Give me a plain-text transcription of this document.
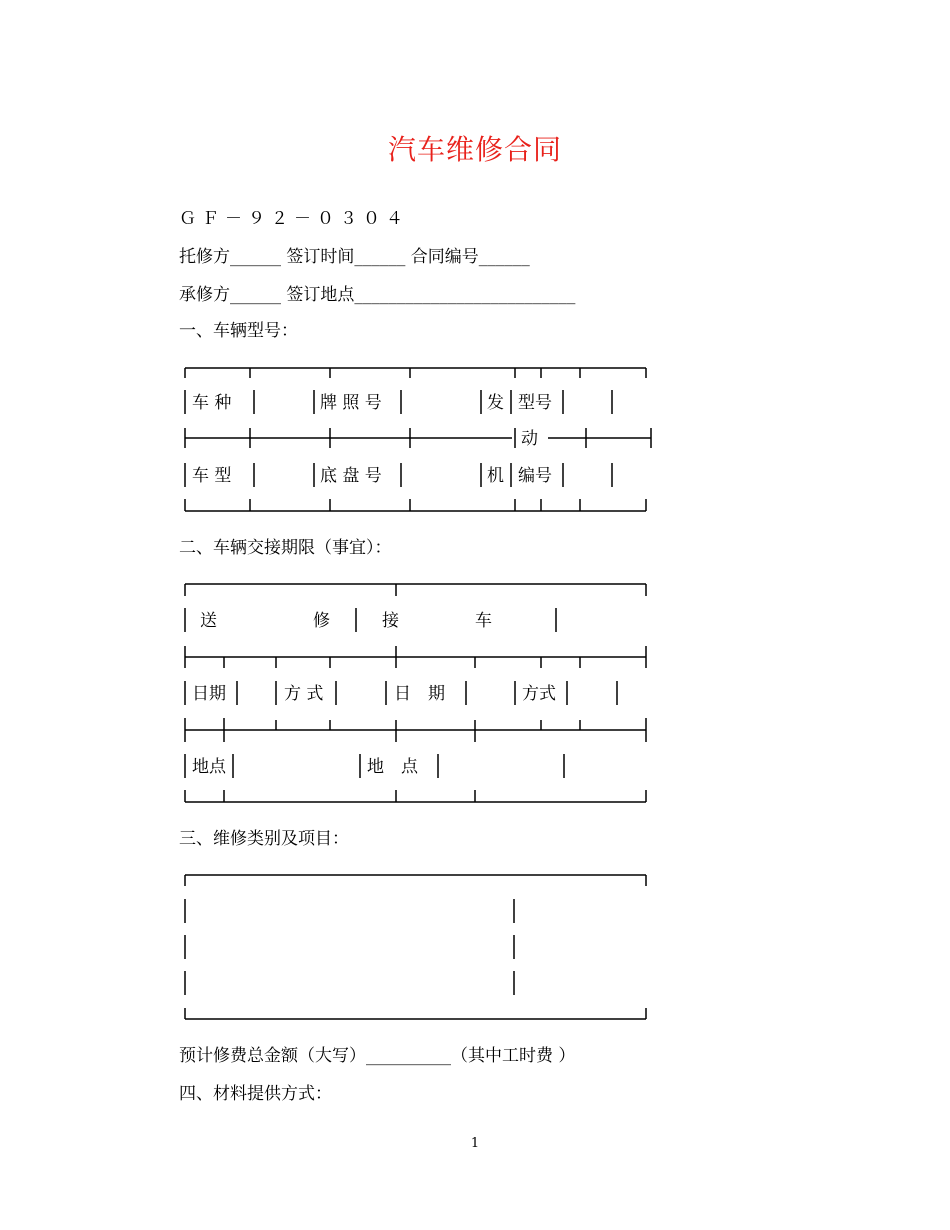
汽车维修合同
ＧＦ－９２－０３０４
托修方______ 签订时间______ 合同编号______
承修方______ 签订地点__________________________
一、车辆型号：
车 种	牌 照 号	发 型号
动
车 型	底 盘 号	机 编号
二、车辆交接期限（事宜）：
送	修	接	车
日期	方 式	日　期	方式
地点	地　点
三、维修类别及项目：
预计修费总金额（大写）__________（其中工时费 ）
四、材料提供方式：
1
